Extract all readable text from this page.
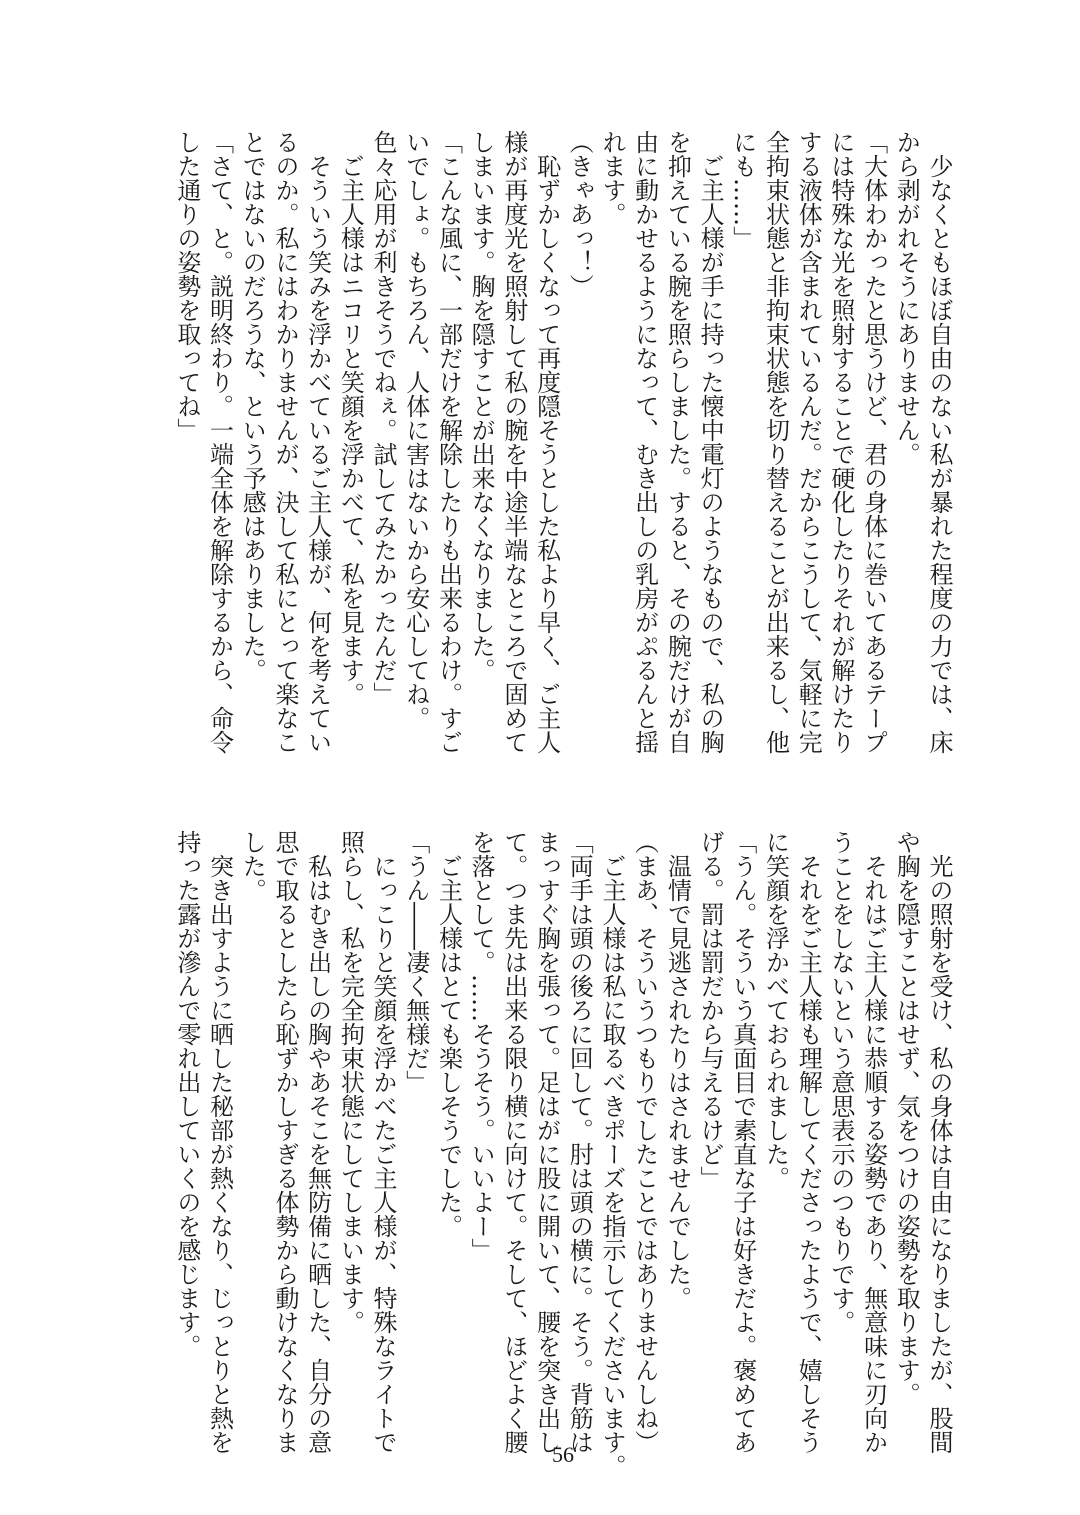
　少なくともほぼ自由のない私が暴れた程度の力では、床
から剥がれそうにありません。
「大体わかったと思うけど、君の身体に巻いてあるテープ
には特殊な光を照射することで硬化したりそれが解けたり
する液体が含まれているんだ。だからこうして、気軽に完
全拘束状態と非拘束状態を切り替えることが出来るし、他
にも……」
　ご主人様が手に持った懐中電灯のようなもので、私の胸
を抑えている腕を照らしました。すると、その腕だけが自
由に動かせるようになって、むき出しの乳房がぷるんと揺
れます。
（きゃあっ！）
　恥ずかしくなって再度隠そうとした私より早く、ご主人
様が再度光を照射して私の腕を中途半端なところで固めて
しまいます。胸を隠すことが出来なくなりました。
「こんな風に、一部だけを解除したりも出来るわけ。すご
いでしょ。もちろん、人体に害はないから安心してね。
色々応用が利きそうでねぇ。試してみたかったんだ」
　ご主人様はニコリと笑顔を浮かべて、私を見ます。
　そういう笑みを浮かべているご主人様が、何を考えてい
るのか。私にはわかりませんが、決して私にとって楽なこ
とではないのだろうな、という予感はありました。
「さて、と。説明終わり。一端全体を解除するから、命令
した通りの姿勢を取ってね」
　光の照射を受け、私の身体は自由になりましたが、股間
や胸を隠すことはせず、気をつけの姿勢を取ります。
　それはご主人様に恭順する姿勢であり、無意味に刃向か
うことをしないという意思表示のつもりです。
　それをご主人様も理解してくださったようで、嬉しそう
に笑顔を浮かべておられました。
「うん。そういう真面目で素直な子は好きだよ。褒めてあ
げる。罰は罰だから与えるけど」
　温情で見逃されたりはされませんでした。
（まあ、そういうつもりでしたことではありませんしね）
　ご主人様は私に取るべきポーズを指示してくださいます。
「両手は頭の後ろに回して。肘は頭の横に。そう。背筋は
まっすぐ胸を張って。足はがに股に開いて、腰を突き出し
て。つま先は出来る限り横に向けて。そして、ほどよく腰
を落として。……そうそう。いいよー」
　ご主人様はとても楽しそうでした。
「うん――凄く無様だ」
　にっこりと笑顔を浮かべたご主人様が、特殊なライトで
照らし、私を完全拘束状態にしてしまいます。
　私はむき出しの胸やあそこを無防備に晒した、自分の意
思で取るとしたら恥ずかしすぎる体勢から動けなくなりま
した。
　突き出すように晒した秘部が熱くなり、じっとりと熱を
持った露が滲んで零れ出していくのを感じます。
56
